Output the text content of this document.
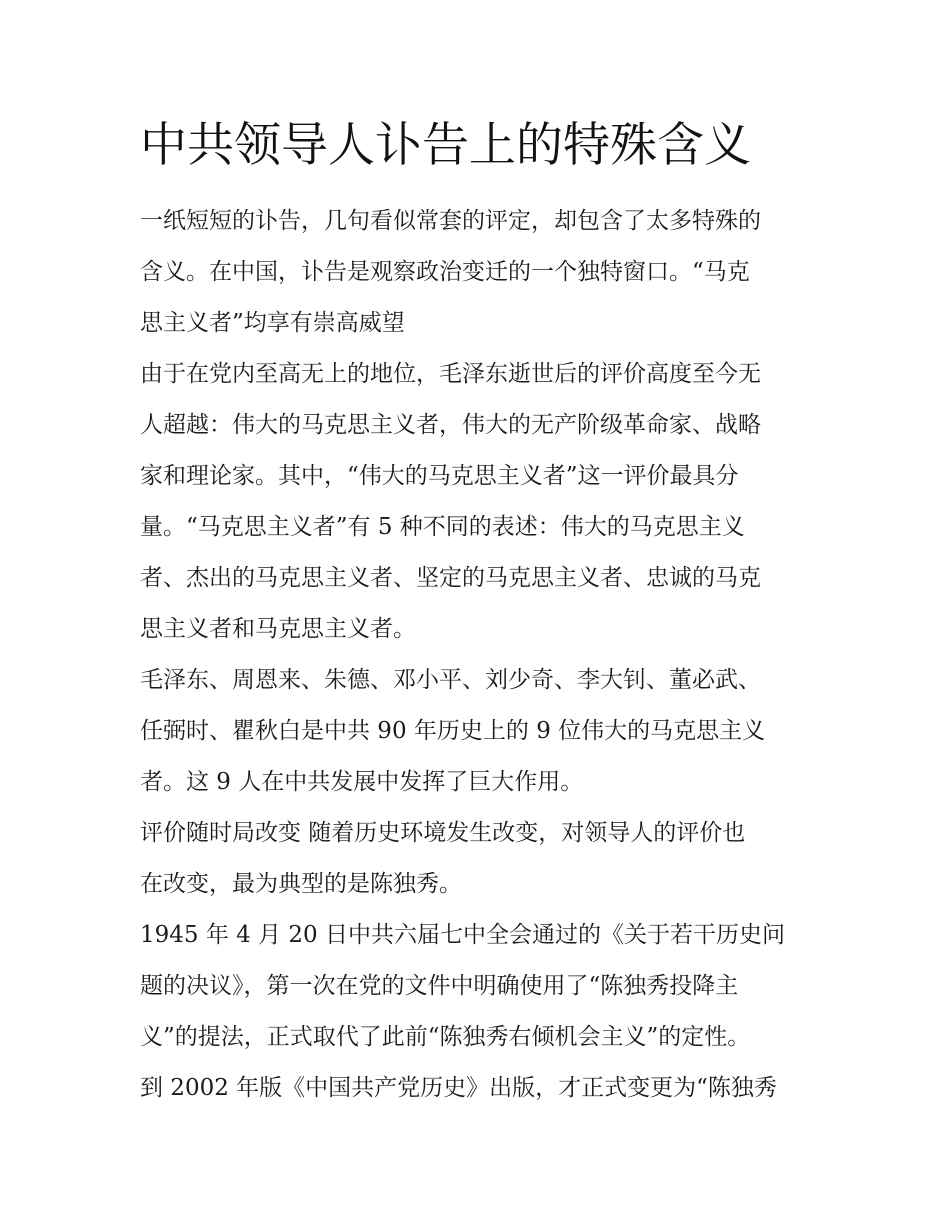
中共领导人讣告上的特殊含义

一纸短短的讣告，几句看似常套的评定，却包含了太多特殊的

含义。在中国，讣告是观察政治变迁的一个独特窗口。“马克

思主义者”均享有崇高威望

由于在党内至高无上的地位，毛泽东逝世后的评价高度至今无

人超越：伟大的马克思主义者，伟大的无产阶级革命家、战略

家和理论家。其中，“伟大的马克思主义者”这一评价最具分

量。“马克思主义者”有 5 种不同的表述：伟大的马克思主义

者、杰出的马克思主义者、坚定的马克思主义者、忠诚的马克

思主义者和马克思主义者。

毛泽东、周恩来、朱德、邓小平、刘少奇、李大钊、董必武、

任弼时、瞿秋白是中共 90 年历史上的 9 位伟大的马克思主义

者。这 9 人在中共发展中发挥了巨大作用。

评价随时局改变 随着历史环境发生改变，对领导人的评价也

在改变，最为典型的是陈独秀。

1945 年 4 月 20 日中共六届七中全会通过的《关于若干历史问

题的决议》，第一次在党的文件中明确使用了“陈独秀投降主

义”的提法，正式取代了此前“陈独秀右倾机会主义”的定性。

到 2002 年版《中国共产党历史》出版，才正式变更为“陈独秀
